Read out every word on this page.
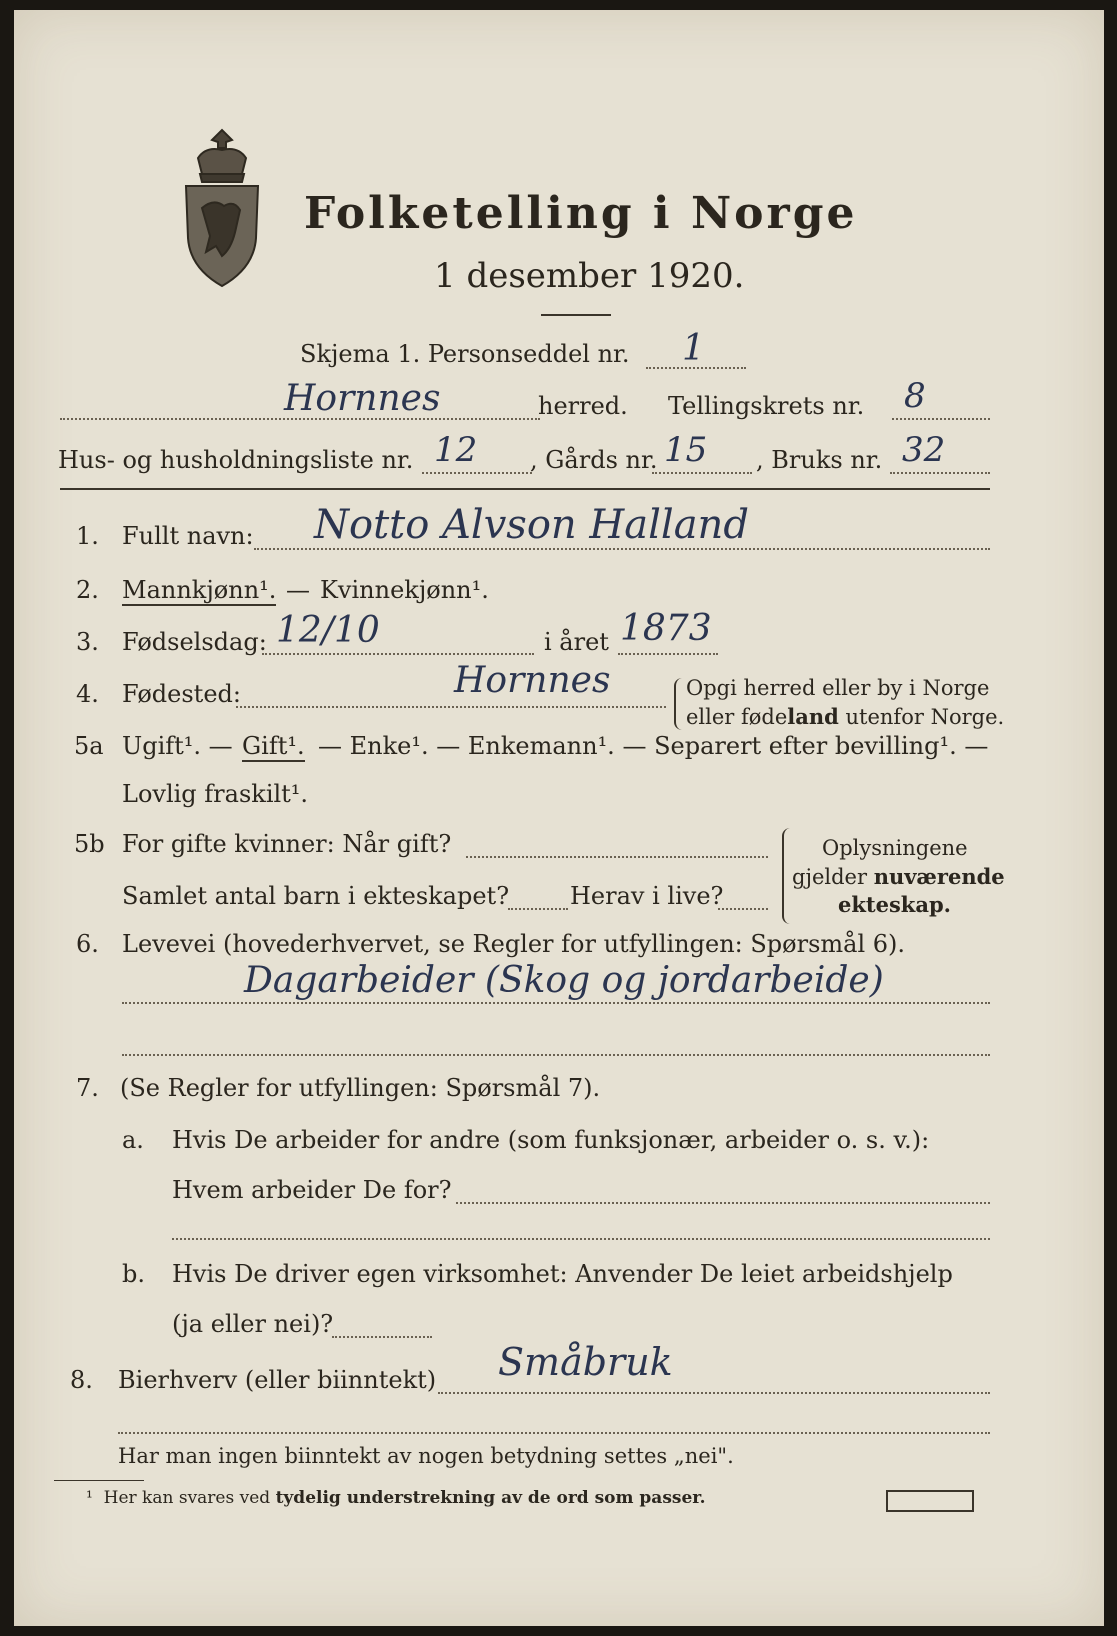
Folketelling i Norge
1 desember 1920.
Skjema 1. Personseddel nr. 1
Hornnes	herred. Tellingskrets nr. 8
Hus- og husholdningsliste nr. 12 , Gårds nr. 15 , Bruks nr. 32
1. Fullt navn: Notto Alvson Halland
2. Mannkjønn¹. — Kvinnekjønn¹.
3. Fødselsdag: 12/10	i året 1873
4. Fødested:	Hornnes	Opgi herred eller by i Norge
eller fødeland utenfor Norge.
5a Ugift¹. — Gift¹. — Enke¹. — Enkemann¹. — Separert efter bevilling¹. —
Lovlig fraskilt¹.
5b For gifte kvinner: Når gift?
Samlet antal barn i ekteskapet?	Herav i live?
Oplysningene
gjelder nuværende
ekteskap.
6. Levevei (hovederhvervet, se Regler for utfyllingen: Spørsmål 6).
Dagarbeider (Skog og jordarbeide)
7. (Se Regler for utfyllingen: Spørsmål 7).
a. Hvis De arbeider for andre (som funksjonær, arbeider o. s. v.):
Hvem arbeider De for?
b. Hvis De driver egen virksomhet: Anvender De leiet arbeidshjelp
(ja eller nei)?
8. Bierhverv (eller biinntekt) Småbruk
Har man ingen biinntekt av nogen betydning settes „nei".
¹ Her kan svares ved tydelig understrekning av de ord som passer.
